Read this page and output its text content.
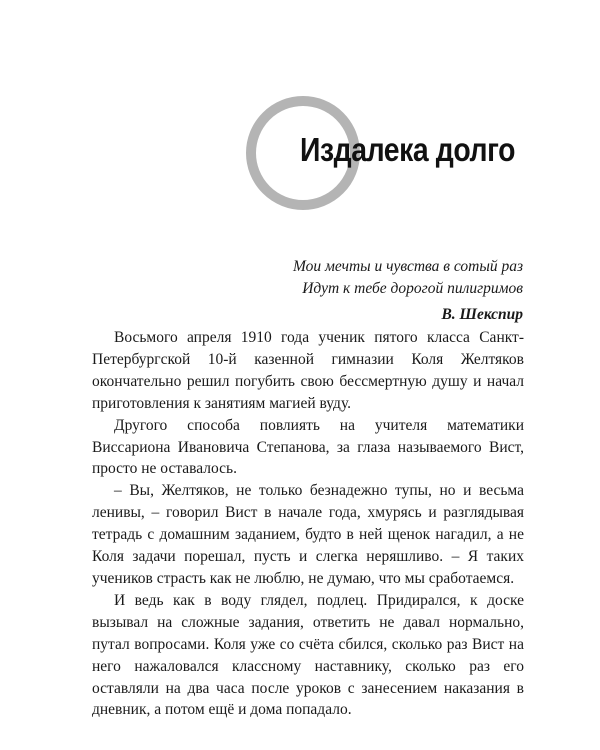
Издалека долго
Мои мечты и чувства в сотый раз
Идут к тебе дорогой пилигримов
В. Шекспир

Восьмого апреля 1910 года ученик пятого класса Санкт-Петербургской 10-й казенной гимназии Коля Желтяков окончательно решил погубить свою бессмертную душу и начал приготовления к занятиям магией вуду.

Другого способа повлиять на учителя математики Виссариона Ивановича Степанова, за глаза называемого Вист, просто не оставалось.

– Вы, Желтяков, не только безнадежно тупы, но и весьма ленивы, – говорил Вист в начале года, хмурясь и разглядывая тетрадь с домашним заданием, будто в ней щенок нагадил, а не Коля задачи порешал, пусть и слегка неряшливо. – Я таких учеников страсть как не люблю, не думаю, что мы сработаемся.

И ведь как в воду глядел, подлец. Придирался, к доске вызывал на сложные задания, ответить не давал нормально, путал вопросами. Коля уже со счёта сбился, сколько раз Вист на него нажаловался классному наставнику, сколько раз его оставляли на два часа после уроков с занесением наказания в дневник, а потом ещё и дома попадало.
